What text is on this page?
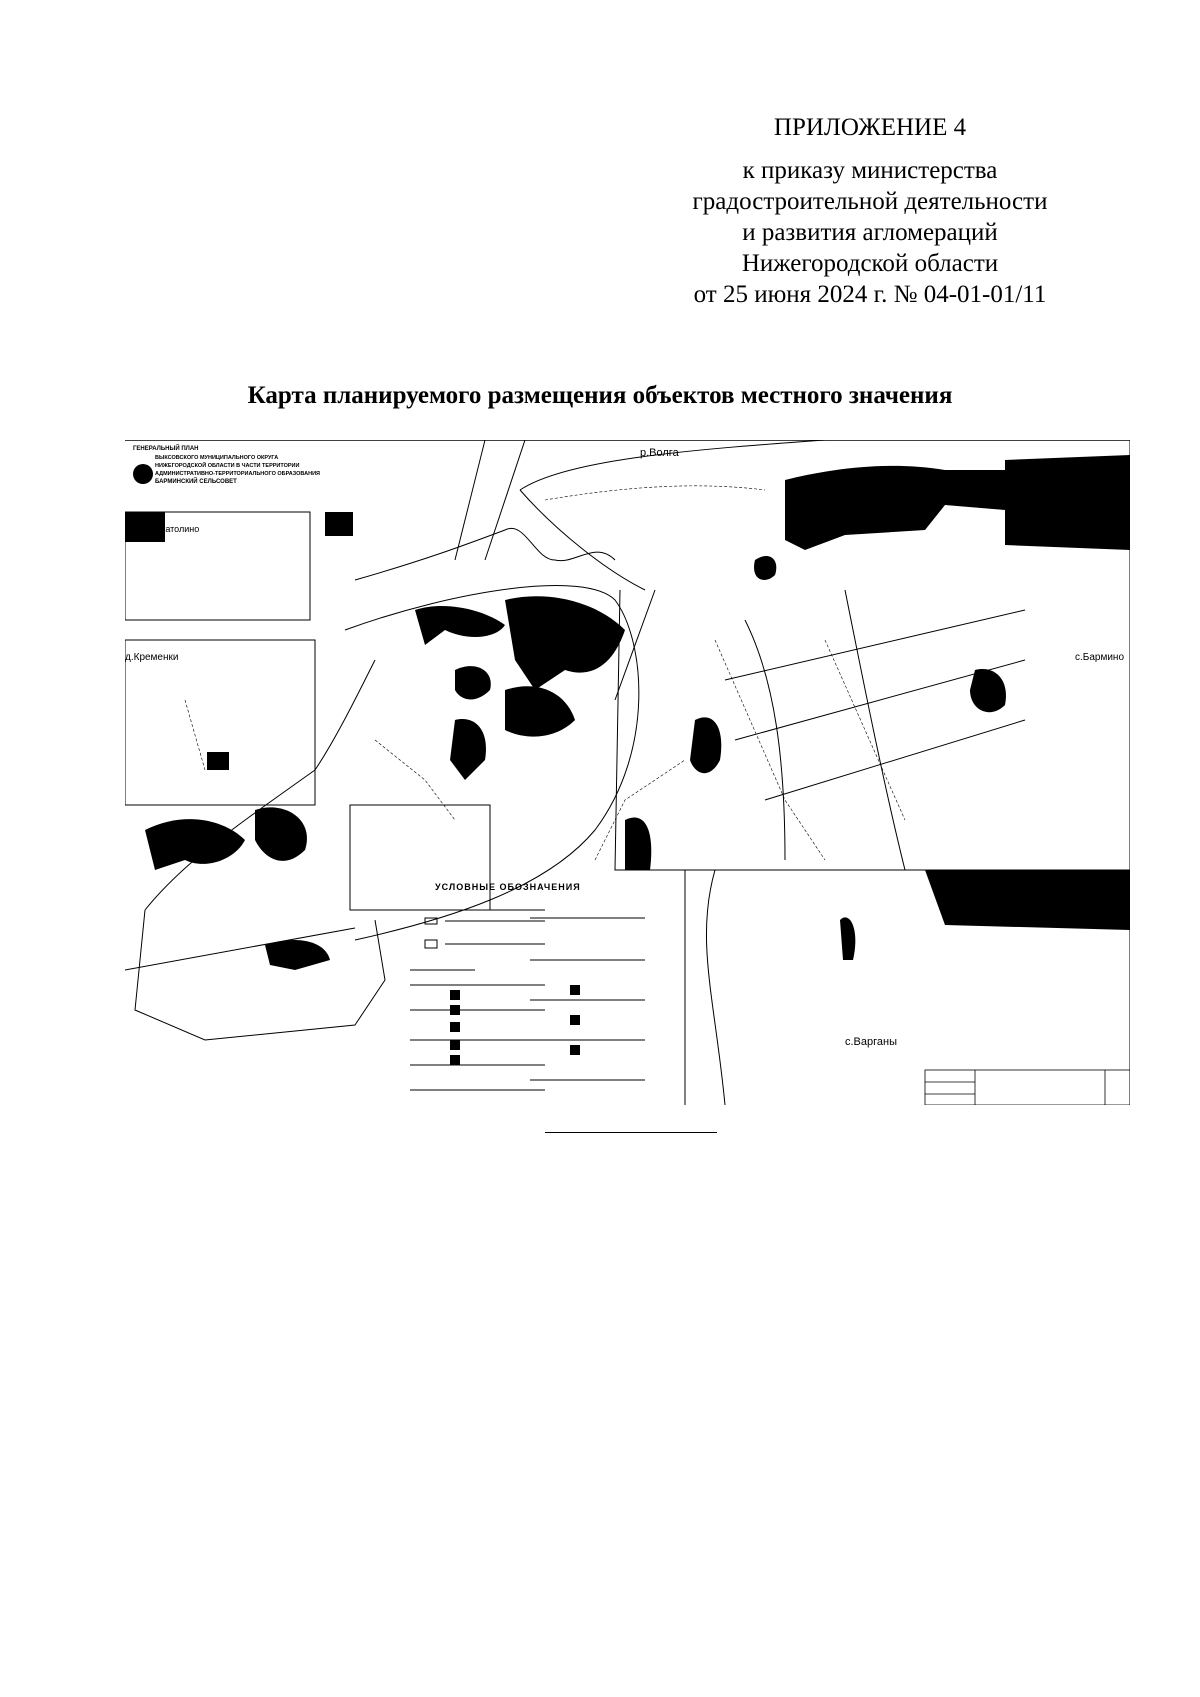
ПРИЛОЖЕНИЕ 4
к приказу министерства
градостроительной деятельности
и развития агломераций
Нижегородской области
от 25 июня 2024 г. № 04-01-01/11
Карта планируемого размещения объектов местного значения
ГЕНЕРАЛЬНЫЙ ПЛАН
ВЫКСОВСКОГО МУНИЦИПАЛЬНОГО ОКРУГА
НИЖЕГОРОДСКОЙ ОБЛАСТИ В ЧАСТИ ТЕРРИТОРИИ
АДМИНИСТРАТИВНО-ТЕРРИТОРИАЛЬНОГО ОБРАЗОВАНИЯ
БАРМИНСКИЙ СЕЛЬСОВЕТ
р.Волга
п.Анатолино
д.Кременки	с.Бармино
с.Варганы
УСЛОВНЫЕ ОБОЗНАЧЕНИЯ
